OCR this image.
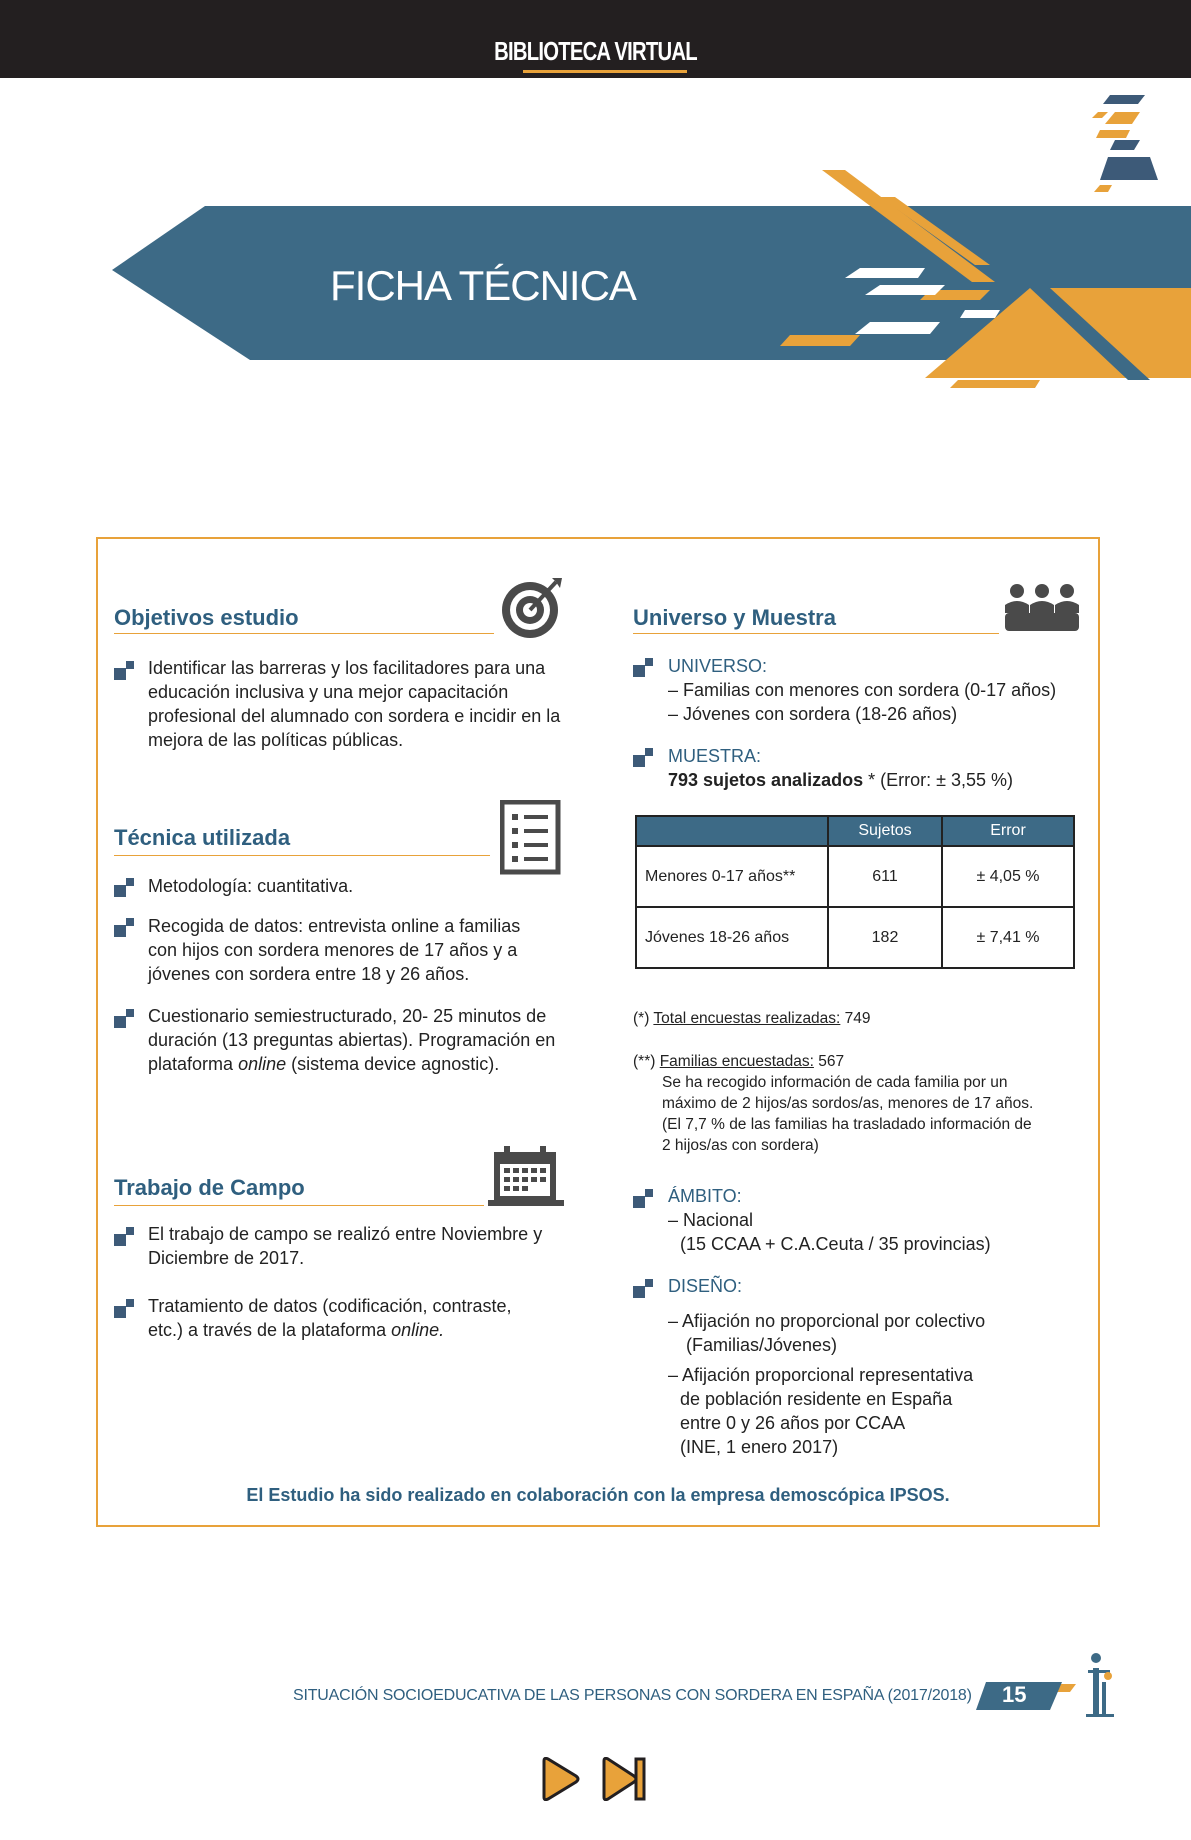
BIBLIOTECA VIRTUAL
FICHA TÉCNICA
Objetivos estudio
Identificar las barreras y los facilitadores para una educación inclusiva y una mejor capacitación profesional del alumnado con sordera e incidir en la mejora de las políticas públicas.
Técnica utilizada
Metodología: cuantitativa.
Recogida de datos: entrevista online a familias con hijos con sordera menores de 17 años y a jóvenes con sordera entre 18 y 26 años.
Cuestionario semiestructurado, 20- 25 minutos de duración (13 preguntas abiertas). Programación en plataforma online (sistema device agnostic).
Trabajo de Campo
El trabajo de campo se realizó entre Noviembre y Diciembre de 2017.
Tratamiento de datos (codificación, contraste, etc.) a través de la plataforma online.
Universo y Muestra
UNIVERSO:
– Familias con menores con sordera (0-17 años)
– Jóvenes con sordera (18-26 años)
MUESTRA:
793 sujetos analizados * (Error: ± 3,55 %)
	Sujetos	Error
Menores 0-17 años**	611	± 4,05 %
Jóvenes 18-26 años	182	± 7,41 %
(*) Total encuestas realizadas: 749
(**) Familias encuestadas: 567
Se ha recogido información de cada familia por un
máximo de 2 hijos/as sordos/as, menores de 17 años.
(El 7,7 % de las familias ha trasladado información de
2 hijos/as con sordera)
ÁMBITO:
– Nacional
(15 CCAA + C.A.Ceuta / 35 provincias)
DISEÑO:
– Afijación no proporcional por colectivo
(Familias/Jóvenes)
– Afijación proporcional representativa
de población residente en España
entre 0 y 26 años por CCAA
(INE, 1 enero 2017)
El Estudio ha sido realizado en colaboración con la empresa demoscópica IPSOS.
SITUACIÓN SOCIOEDUCATIVA DE LAS PERSONAS CON SORDERA EN ESPAÑA (2017/2018) 15
